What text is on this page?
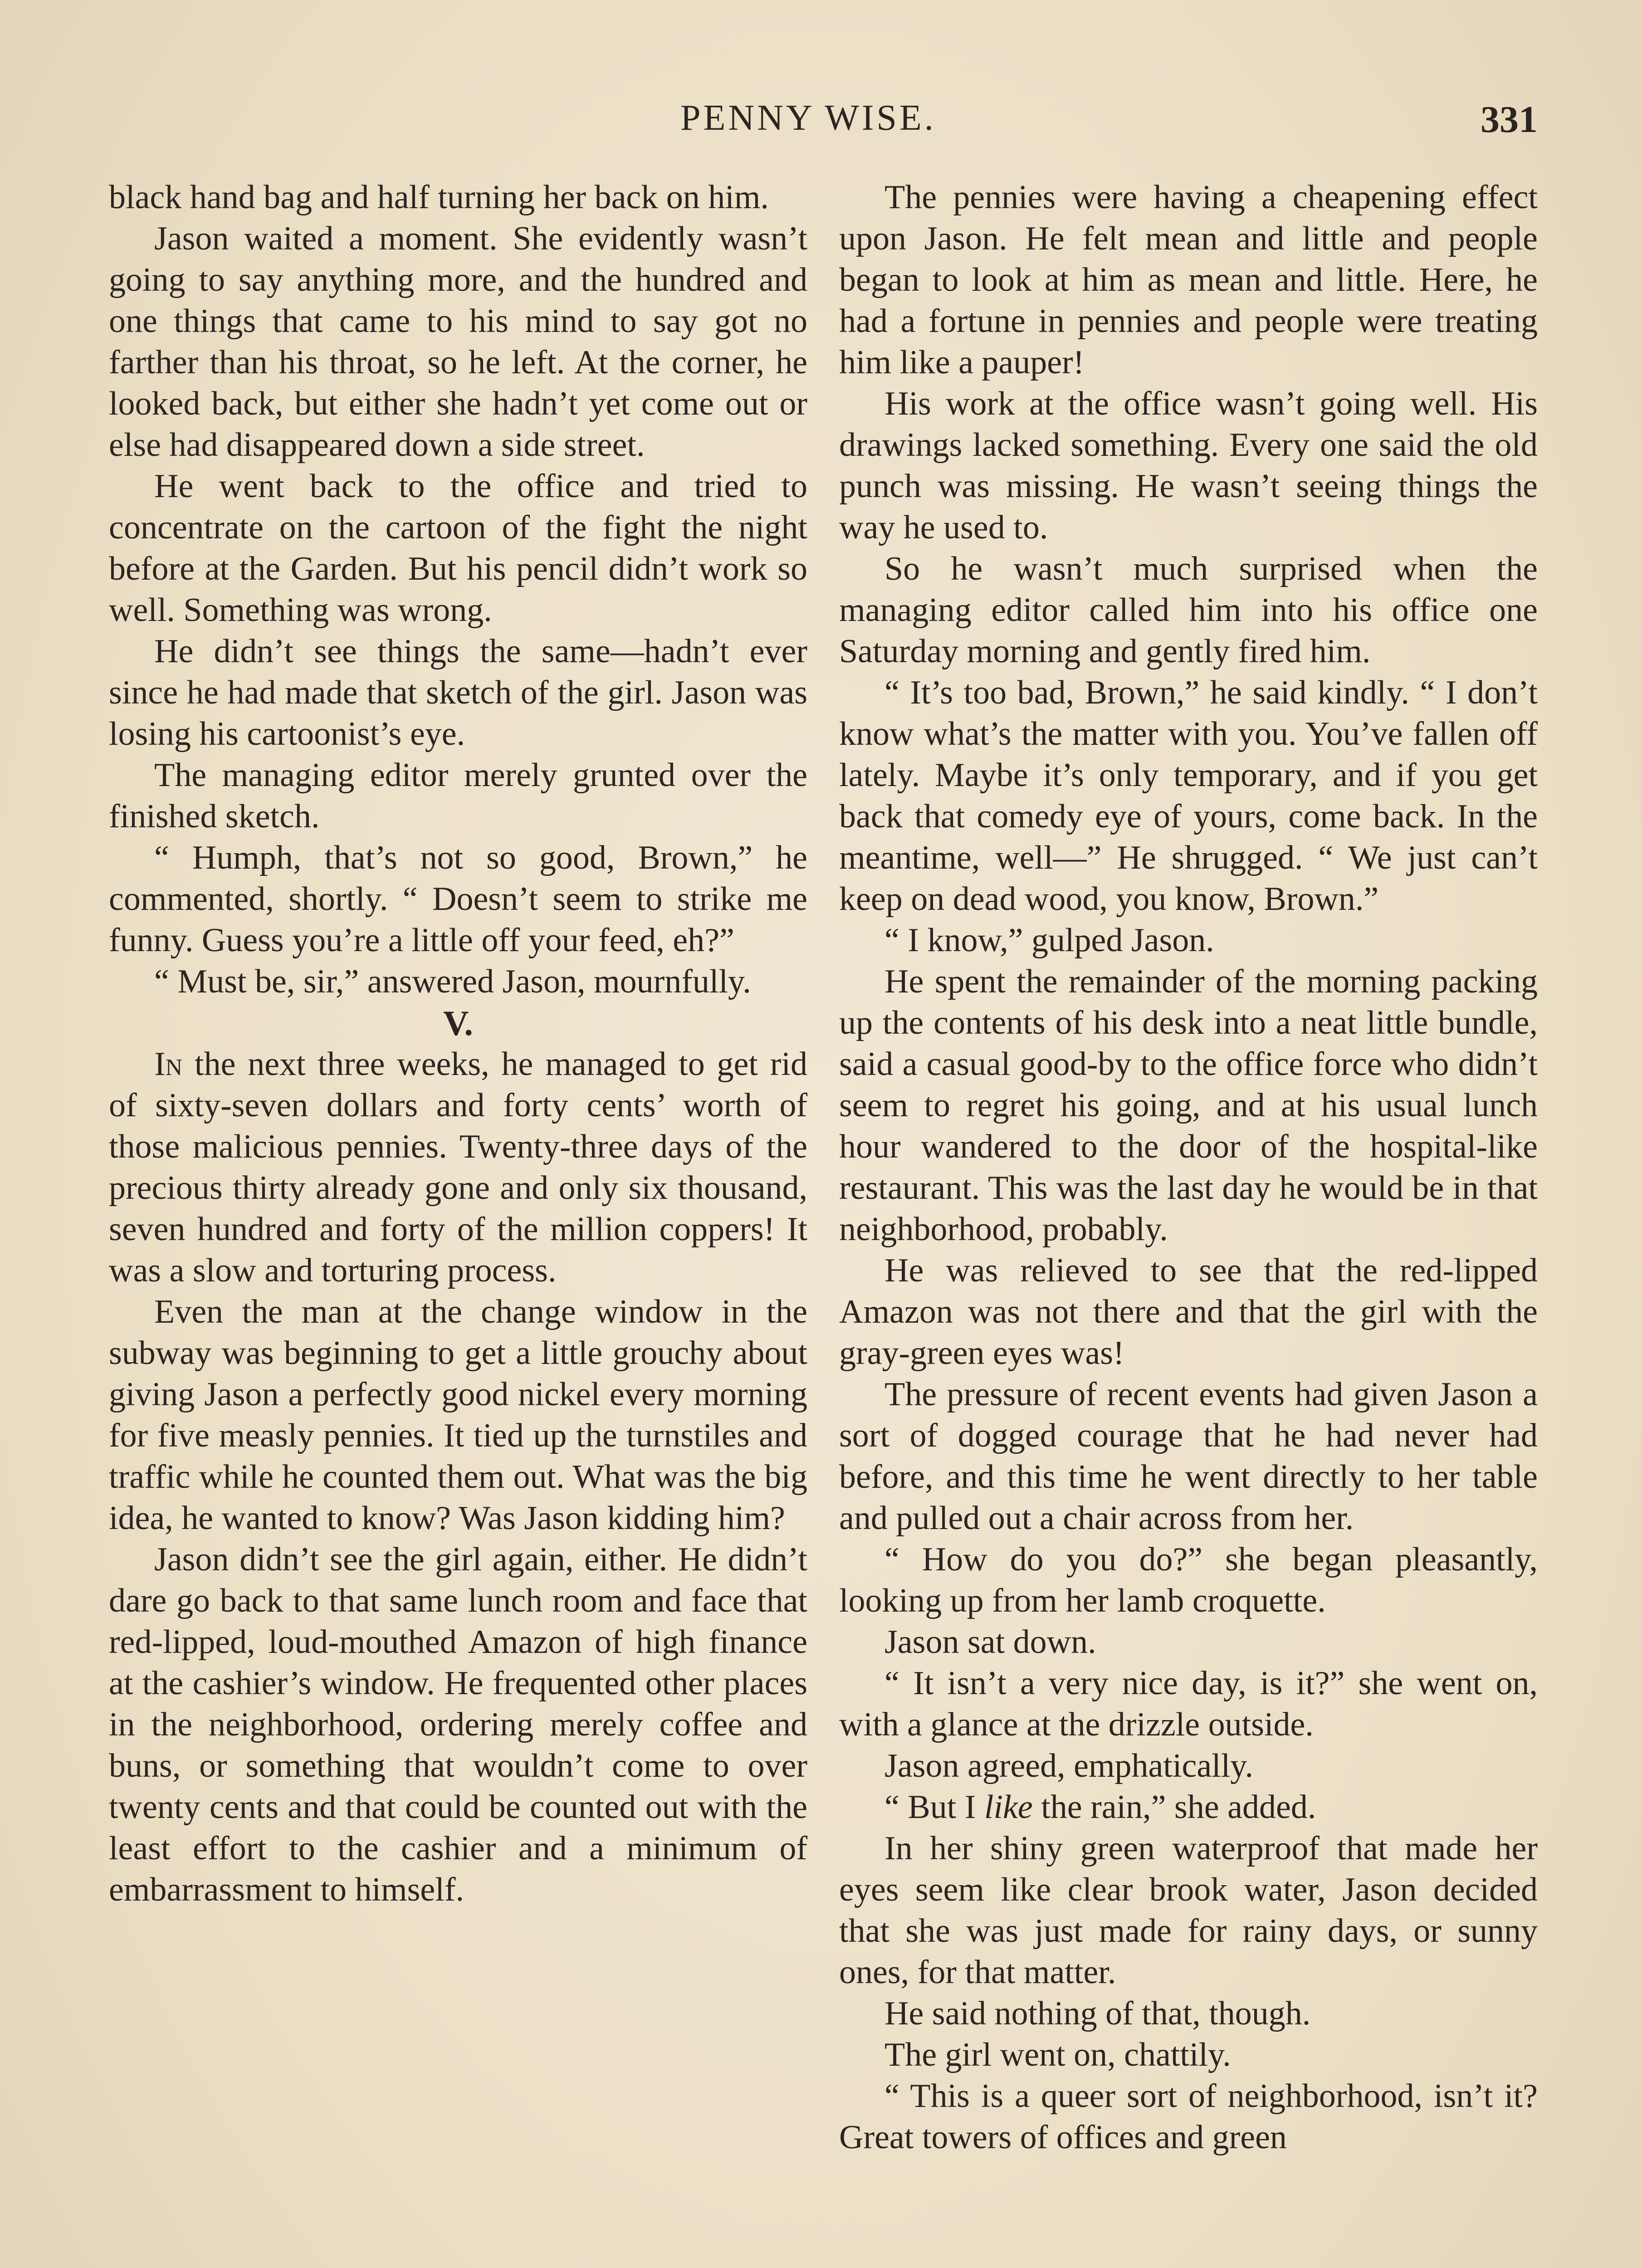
PENNY WISE.	331

black hand bag and half turning her back on him.

Jason waited a moment. She evidently wasn’t going to say anything more, and the hundred and one things that came to his mind to say got no farther than his throat, so he left. At the corner, he looked back, but either she hadn’t yet come out or else had disappeared down a side street.

He went back to the office and tried to concentrate on the cartoon of the fight the night before at the Garden. But his pencil didn’t work so well. Something was wrong.

He didn’t see things the same—hadn’t ever since he had made that sketch of the girl. Jason was losing his cartoonist’s eye.

The managing editor merely grunted over the finished sketch.

“ Humph, that’s not so good, Brown,” he commented, shortly. “ Doesn’t seem to strike me funny. Guess you’re a little off your feed, eh?”

“ Must be, sir,” answered Jason, mournfully.

V.

In the next three weeks, he managed to get rid of sixty-seven dollars and forty cents’ worth of those malicious pennies. Twenty-three days of the precious thirty already gone and only six thousand, seven hundred and forty of the million coppers! It was a slow and torturing process.

Even the man at the change window in the subway was beginning to get a little grouchy about giving Jason a perfectly good nickel every morning for five measly pennies. It tied up the turnstiles and traffic while he counted them out. What was the big idea, he wanted to know? Was Jason kidding him?

Jason didn’t see the girl again, either. He didn’t dare go back to that same lunch room and face that red-lipped, loud-mouthed Amazon of high finance at the cashier’s window. He frequented other places in the neighborhood, ordering merely coffee and buns, or something that wouldn’t come to over twenty cents and that could be counted out with the least effort to the cashier and a minimum of embarrassment to himself.

The pennies were having a cheapening effect upon Jason. He felt mean and little and people began to look at him as mean and little. Here, he had a fortune in pennies and people were treating him like a pauper!

His work at the office wasn’t going well. His drawings lacked something. Every one said the old punch was missing. He wasn’t seeing things the way he used to.

So he wasn’t much surprised when the managing editor called him into his office one Saturday morning and gently fired him.

“ It’s too bad, Brown,” he said kindly. “ I don’t know what’s the matter with you. You’ve fallen off lately. Maybe it’s only temporary, and if you get back that comedy eye of yours, come back. In the meantime, well—” He shrugged. “ We just can’t keep on dead wood, you know, Brown.”

“ I know,” gulped Jason.

He spent the remainder of the morning packing up the contents of his desk into a neat little bundle, said a casual good-by to the office force who didn’t seem to regret his going, and at his usual lunch hour wandered to the door of the hospital-like restaurant. This was the last day he would be in that neighborhood, probably.

He was relieved to see that the red-lipped Amazon was not there and that the girl with the gray-green eyes was!

The pressure of recent events had given Jason a sort of dogged courage that he had never had before, and this time he went directly to her table and pulled out a chair across from her.

“ How do you do?” she began pleasantly, looking up from her lamb croquette.

Jason sat down.

“ It isn’t a very nice day, is it?” she went on, with a glance at the drizzle outside.

Jason agreed, emphatically.

“ But I like the rain,” she added.

In her shiny green waterproof that made her eyes seem like clear brook water, Jason decided that she was just made for rainy days, or sunny ones, for that matter.

He said nothing of that, though.

The girl went on, chattily.

“ This is a queer sort of neighborhood, isn’t it? Great towers of offices and green
